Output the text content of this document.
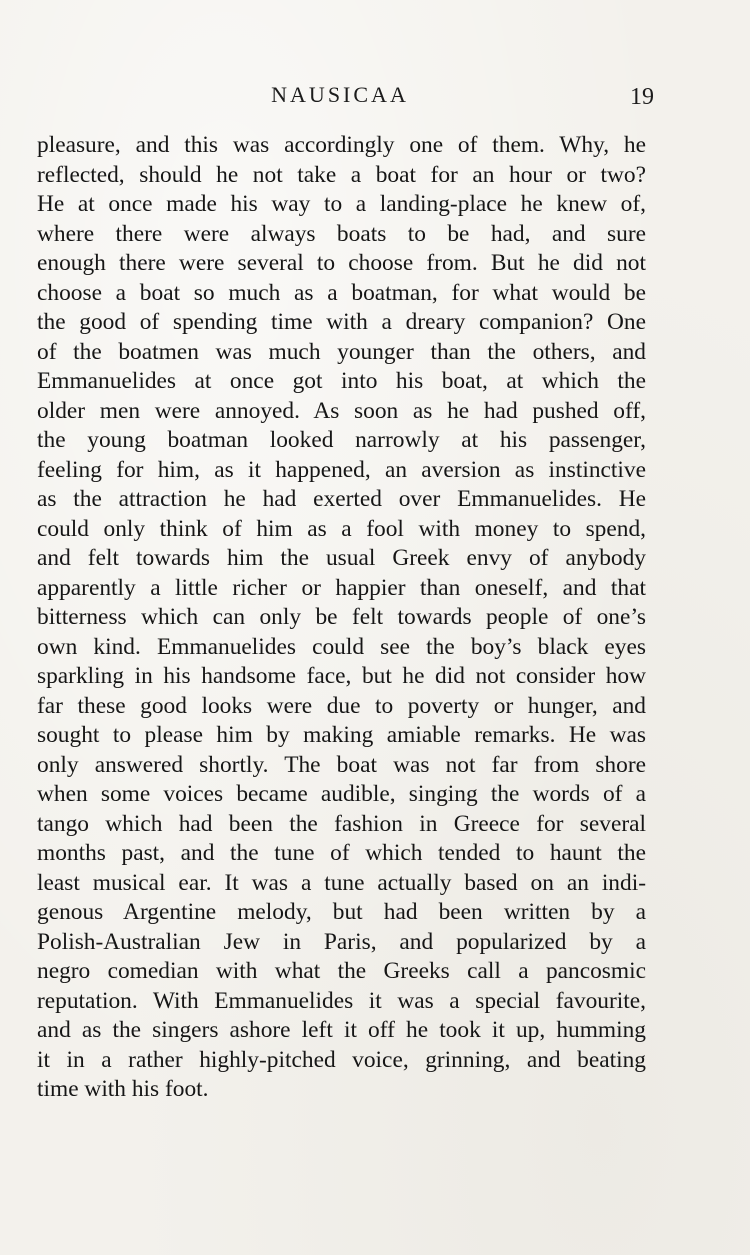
NAUSICAA	19
pleasure, and this was accordingly one of them. Why, he
reflected, should he not take a boat for an hour or two?
He at once made his way to a landing-place he knew of,
where there were always boats to be had, and sure
enough there were several to choose from. But he did not
choose a boat so much as a boatman, for what would be
the good of spending time with a dreary companion? One
of the boatmen was much younger than the others, and
Emmanuelides at once got into his boat, at which the
older men were annoyed. As soon as he had pushed off,
the young boatman looked narrowly at his passenger,
feeling for him, as it happened, an aversion as instinctive
as the attraction he had exerted over Emmanuelides. He
could only think of him as a fool with money to spend,
and felt towards him the usual Greek envy of anybody
apparently a little richer or happier than oneself, and that
bitterness which can only be felt towards people of one’s
own kind. Emmanuelides could see the boy’s black eyes
sparkling in his handsome face, but he did not consider how
far these good looks were due to poverty or hunger, and
sought to please him by making amiable remarks. He was
only answered shortly. The boat was not far from shore
when some voices became audible, singing the words of a
tango which had been the fashion in Greece for several
months past, and the tune of which tended to haunt the
least musical ear. It was a tune actually based on an indi-
genous Argentine melody, but had been written by a
Polish-Australian Jew in Paris, and popularized by a
negro comedian with what the Greeks call a pancosmic
reputation. With Emmanuelides it was a special favourite,
and as the singers ashore left it off he took it up, humming
it in a rather highly-pitched voice, grinning, and beating
time with his foot.
